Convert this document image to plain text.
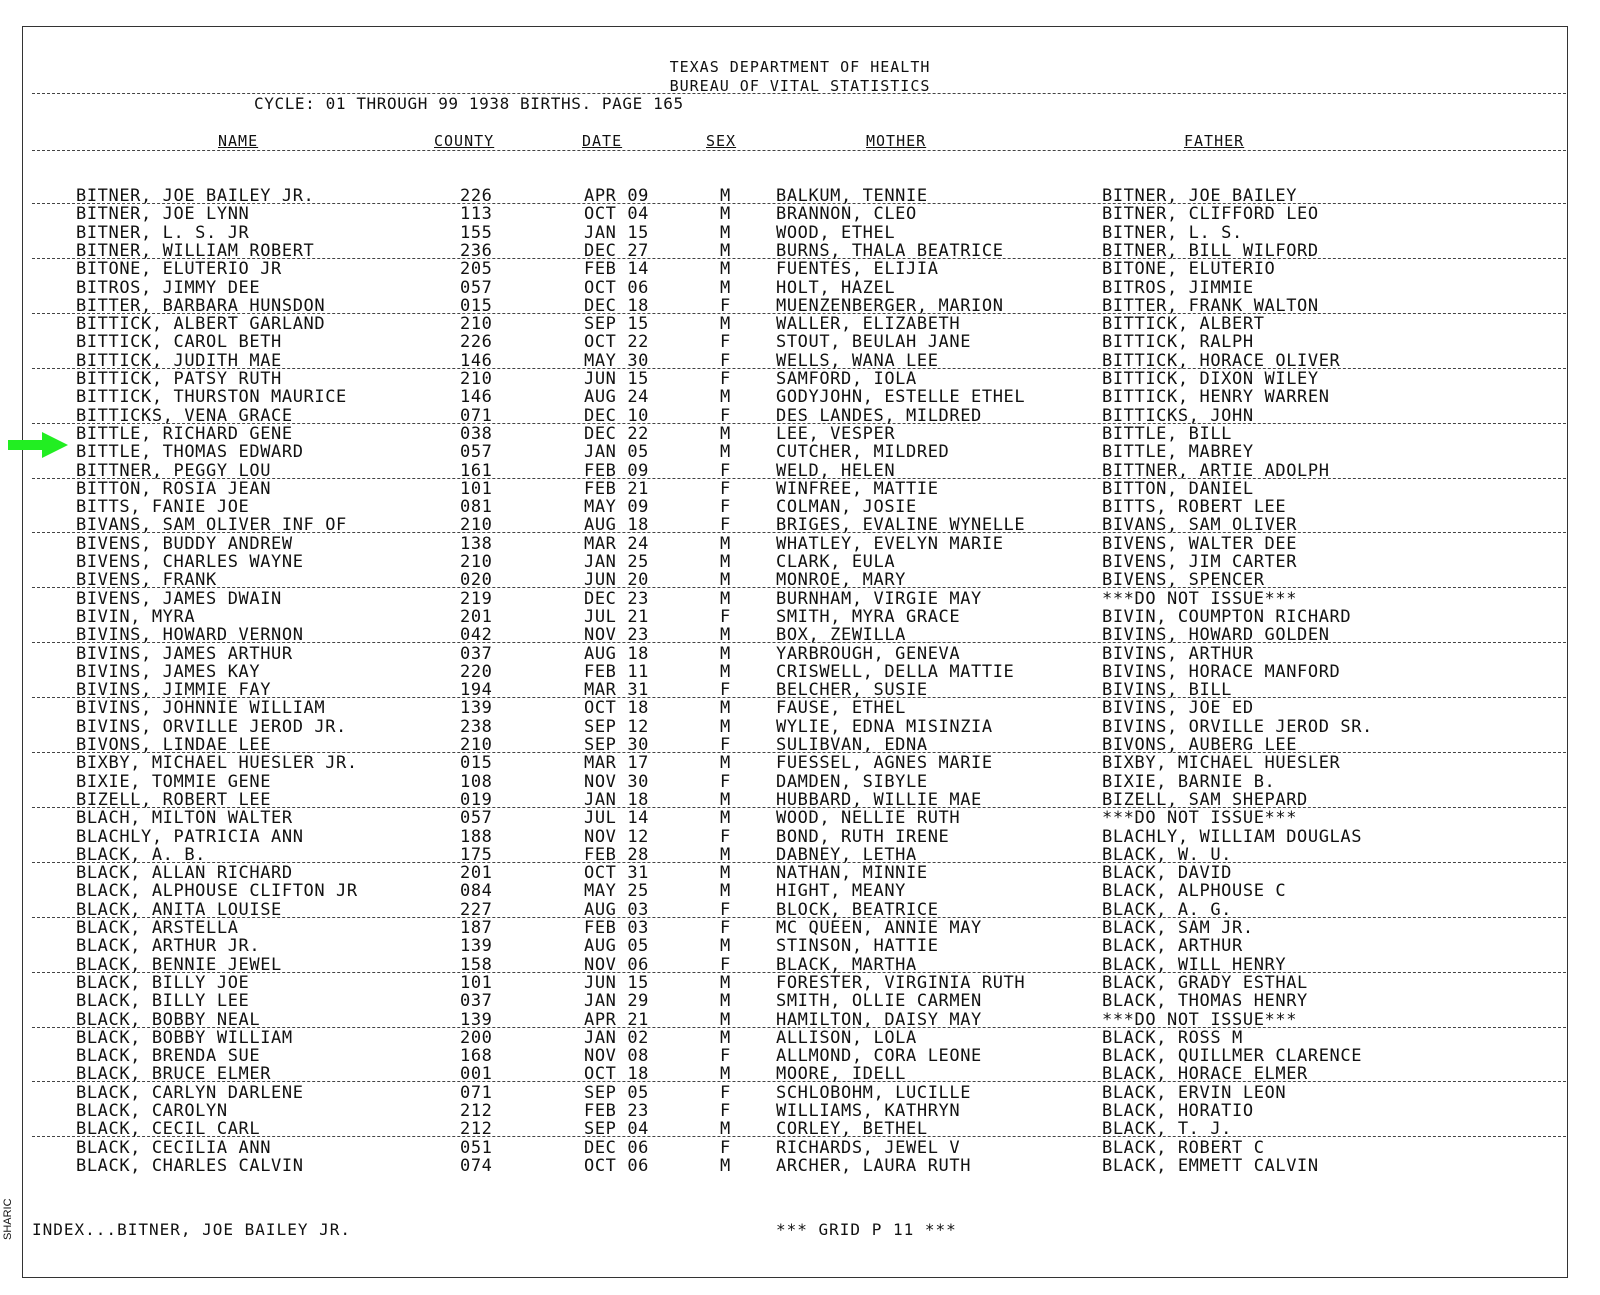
TEXAS DEPARTMENT OF HEALTH
BUREAU OF VITAL STATISTICS
CYCLE: 01 THROUGH 99 1938 BIRTHS. PAGE 165
NAME	COUNTY	DATE	SEX	MOTHER	FATHER
BITNER, JOE BAILEY JR.	226	APR 09	M	BALKUM, TENNIE	BITNER, JOE BAILEY
BITNER, JOE LYNN	113	OCT 04	M	BRANNON, CLEO	BITNER, CLIFFORD LEO
BITNER, L. S. JR	155	JAN 15	M	WOOD, ETHEL	BITNER, L. S.
BITNER, WILLIAM ROBERT	236	DEC 27	M	BURNS, THALA BEATRICE	BITNER, BILL WILFORD
BITONE, ELUTERIO JR	205	FEB 14	M	FUENTES, ELIJIA	BITONE, ELUTERIO
BITROS, JIMMY DEE	057	OCT 06	M	HOLT, HAZEL	BITROS, JIMMIE
BITTER, BARBARA HUNSDON	015	DEC 18	F	MUENZENBERGER, MARION	BITTER, FRANK WALTON
BITTICK, ALBERT GARLAND	210	SEP 15	M	WALLER, ELIZABETH	BITTICK, ALBERT
BITTICK, CAROL BETH	226	OCT 22	F	STOUT, BEULAH JANE	BITTICK, RALPH
BITTICK, JUDITH MAE	146	MAY 30	F	WELLS, WANA LEE	BITTICK, HORACE OLIVER
BITTICK, PATSY RUTH	210	JUN 15	F	SAMFORD, IOLA	BITTICK, DIXON WILEY
BITTICK, THURSTON MAURICE	146	AUG 24	M	GODYJOHN, ESTELLE ETHEL	BITTICK, HENRY WARREN
BITTICKS, VENA GRACE	071	DEC 10	F	DES LANDES, MILDRED	BITTICKS, JOHN
BITTLE, RICHARD GENE	038	DEC 22	M	LEE, VESPER	BITTLE, BILL
BITTLE, THOMAS EDWARD	057	JAN 05	M	CUTCHER, MILDRED	BITTLE, MABREY
BITTNER, PEGGY LOU	161	FEB 09	F	WELD, HELEN	BITTNER, ARTIE ADOLPH
BITTON, ROSIA JEAN	101	FEB 21	F	WINFREE, MATTIE	BITTON, DANIEL
BITTS, FANIE JOE	081	MAY 09	F	COLMAN, JOSIE	BITTS, ROBERT LEE
BIVANS, SAM OLIVER INF OF	210	AUG 18	F	BRIGES, EVALINE WYNELLE	BIVANS, SAM OLIVER
BIVENS, BUDDY ANDREW	138	MAR 24	M	WHATLEY, EVELYN MARIE	BIVENS, WALTER DEE
BIVENS, CHARLES WAYNE	210	JAN 25	M	CLARK, EULA	BIVENS, JIM CARTER
BIVENS, FRANK	020	JUN 20	M	MONROE, MARY	BIVENS, SPENCER
BIVENS, JAMES DWAIN	219	DEC 23	M	BURNHAM, VIRGIE MAY	***DO NOT ISSUE***
BIVIN, MYRA	201	JUL 21	F	SMITH, MYRA GRACE	BIVIN, COUMPTON RICHARD
BIVINS, HOWARD VERNON	042	NOV 23	M	BOX, ZEWILLA	BIVINS, HOWARD GOLDEN
BIVINS, JAMES ARTHUR	037	AUG 18	M	YARBROUGH, GENEVA	BIVINS, ARTHUR
BIVINS, JAMES KAY	220	FEB 11	M	CRISWELL, DELLA MATTIE	BIVINS, HORACE MANFORD
BIVINS, JIMMIE FAY	194	MAR 31	F	BELCHER, SUSIE	BIVINS, BILL
BIVINS, JOHNNIE WILLIAM	139	OCT 18	M	FAUSE, ETHEL	BIVINS, JOE ED
BIVINS, ORVILLE JEROD JR.	238	SEP 12	M	WYLIE, EDNA MISINZIA	BIVINS, ORVILLE JEROD SR.
BIVONS, LINDAE LEE	210	SEP 30	F	SULIBVAN, EDNA	BIVONS, AUBERG LEE
BIXBY, MICHAEL HUESLER JR.	015	MAR 17	M	FUESSEL, AGNES MARIE	BIXBY, MICHAEL HUESLER
BIXIE, TOMMIE GENE	108	NOV 30	F	DAMDEN, SIBYLE	BIXIE, BARNIE B.
BIZELL, ROBERT LEE	019	JAN 18	M	HUBBARD, WILLIE MAE	BIZELL, SAM SHEPARD
BLACH, MILTON WALTER	057	JUL 14	M	WOOD, NELLIE RUTH	***DO NOT ISSUE***
BLACHLY, PATRICIA ANN	188	NOV 12	F	BOND, RUTH IRENE	BLACHLY, WILLIAM DOUGLAS
BLACK, A. B.	175	FEB 28	M	DABNEY, LETHA	BLACK, W. U.
BLACK, ALLAN RICHARD	201	OCT 31	M	NATHAN, MINNIE	BLACK, DAVID
BLACK, ALPHOUSE CLIFTON JR	084	MAY 25	M	HIGHT, MEANY	BLACK, ALPHOUSE C
BLACK, ANITA LOUISE	227	AUG 03	F	BLOCK, BEATRICE	BLACK, A. G.
BLACK, ARSTELLA	187	FEB 03	F	MC QUEEN, ANNIE MAY	BLACK, SAM JR.
BLACK, ARTHUR JR.	139	AUG 05	M	STINSON, HATTIE	BLACK, ARTHUR
BLACK, BENNIE JEWEL	158	NOV 06	F	BLACK, MARTHA	BLACK, WILL HENRY
BLACK, BILLY JOE	101	JUN 15	M	FORESTER, VIRGINIA RUTH	BLACK, GRADY ESTHAL
BLACK, BILLY LEE	037	JAN 29	M	SMITH, OLLIE CARMEN	BLACK, THOMAS HENRY
BLACK, BOBBY NEAL	139	APR 21	M	HAMILTON, DAISY MAY	***DO NOT ISSUE***
BLACK, BOBBY WILLIAM	200	JAN 02	M	ALLISON, LOLA	BLACK, ROSS M
BLACK, BRENDA SUE	168	NOV 08	F	ALLMOND, CORA LEONE	BLACK, QUILLMER CLARENCE
BLACK, BRUCE ELMER	001	OCT 18	M	MOORE, IDELL	BLACK, HORACE ELMER
BLACK, CARLYN DARLENE	071	SEP 05	F	SCHLOBOHM, LUCILLE	BLACK, ERVIN LEON
BLACK, CAROLYN	212	FEB 23	F	WILLIAMS, KATHRYN	BLACK, HORATIO
BLACK, CECIL CARL	212	SEP 04	M	CORLEY, BETHEL	BLACK, T. J.
BLACK, CECILIA ANN	051	DEC 06	F	RICHARDS, JEWEL V	BLACK, ROBERT C
BLACK, CHARLES CALVIN	074	OCT 06	M	ARCHER, LAURA RUTH	BLACK, EMMETT CALVIN
SHARIC INDEX...BITNER, JOE BAILEY JR.	*** GRID P 11 ***
